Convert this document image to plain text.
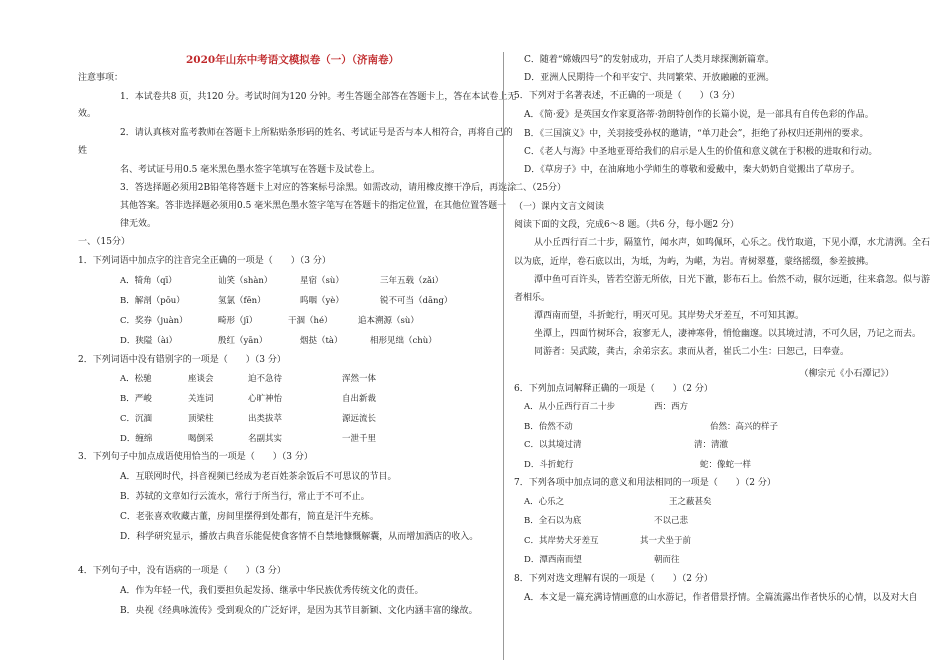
2020年山东中考语文模拟卷（一）（济南卷）
注意事项：
1．本试卷共8 页，共120 分。考试时间为120 分钟。考生答题全部答在答题卡上，答在本试卷上无
效。
2．请认真核对监考教师在答题卡上所粘贴条形码的姓名、考试证号是否与本人相符合，再将自己的
姓
名、考试证号用0.5 毫米黑色墨水签字笔填写在答题卡及试卷上。
3．答选择题必须用2B铅笔将答题卡上对应的答案标号涂黑。如需改动，请用橡皮擦干净后，再选涂
其他答案。答非选择题必须用0.5 毫米黑色墨水签字笔写在答题卡的指定位置，在其他位置答题一
律无效。
一、（15分）
1．下列词语中加点字的注音完全正确的一项是（　　）（3 分）
A．犄角（qī）	讪笑（shàn）	星宿（sù）	三年五载（zǎi）
B．解剖（pōu）	氢氯（fēn）	呜咽（yè）	锐不可当（dāng）
C．奖券（juàn）	畸形（jī）	干涸（hé）	追本溯源（sù）
D．狭隘（ài）	殷红（yān）	烟挞（tà）	相形见绌（chù）
2．下列词语中没有错别字的一项是（　　）（3 分）
A．松驰	座谈会	迫不急待	浑然一体
B．严峻	关连词	心旷神怡	自出新裁
C．沉湎	顶梁柱	出类拔萃	源远流长
D．缠绵	喝倒采	名副其实	一泄千里
3．下列句子中加点成语使用恰当的一项是（　　）（3 分）
A．互联网时代，抖音视频已经成为老百姓茶余饭后不可思议的节目。
B．苏轼的文章如行云流水，常行于所当行，常止于不可不止。
C．老张喜欢收藏古董，房间里摆得到处都有，简直是汗牛充栋。
D．科学研究显示，播放古典音乐能促使食客情不自禁地慷慨解囊，从而增加酒店的收入。
4．下列句子中，没有语病的一项是（　　）（3 分）
A．作为年轻一代，我们要担负起发扬、继承中华民族优秀传统文化的责任。
B．央视《经典咏流传》受到观众的广泛好评，是因为其节目新颖、文化内涵丰富的缘故。
C．随着“嫦娥四号”的发射成功，开启了人类月球探测新篇章。
D．亚洲人民期待一个和平安宁、共同繁荣、开放融融的亚洲。
5．下列对于名著表述，不正确的一项是（　　）（3 分）
A．《简·爱》是英国女作家夏洛蒂·勃朗特创作的长篇小说，是一部具有自传色彩的作品。
B．《三国演义》中，关羽接受孙权的邀请，“单刀赴会”，拒绝了孙权归还荆州的要求。
C．《老人与海》中圣地亚哥给我们的启示是人生的价值和意义就在于积极的进取和行动。
D．《草房子》中，在油麻地小学师生的尊敬和爱戴中，秦大奶奶自觉搬出了草房子。
二、（25分）
（一）课内文言文阅读
阅读下面的文段，完成6～8 题。（共6 分，每小题2 分）
从小丘西行百二十步，隔篁竹，闻水声，如鸣佩环，心乐之。伐竹取道，下见小潭，水尤清洌。全石
以为底，近岸，卷石底以出，为坻，为屿，为嵁，为岩。青树翠蔓，蒙络摇缀，参差披拂。
潭中鱼可百许头，皆若空游无所依，日光下澈，影布石上。佁然不动，俶尔远逝，往来翕忽。似与游
者相乐。
潭西南而望，斗折蛇行，明灭可见。其岸势犬牙差互，不可知其源。
坐潭上，四面竹树环合，寂寥无人，凄神寒骨，悄怆幽邃。以其境过清，不可久居，乃记之而去。
同游者：吴武陵，龚古，余弟宗玄。隶而从者，崔氏二小生：曰恕己，曰奉壹。
（柳宗元《小石潭记》）
6．下列加点词解释正确的一项是（　　）（2 分）
A．从小丘西行百二十步	西：西方
B．佁然不动	佁然：高兴的样子
C．以其境过清	清：清澈
D．斗折蛇行	蛇：像蛇一样
7．下列各项中加点词的意义和用法相同的一项是（　　）（2 分）
A．心乐之	王之蔽甚矣
B．全石以为底	不以己悲
C．其岸势犬牙差互	其一犬坐于前
D．潭西南而望	朝而往
8．下列对选文理解有误的一项是（　　）（2 分）
A．本文是一篇充满诗情画意的山水游记，作者借景抒情。全篇流露出作者快乐的心情，以及对大自
